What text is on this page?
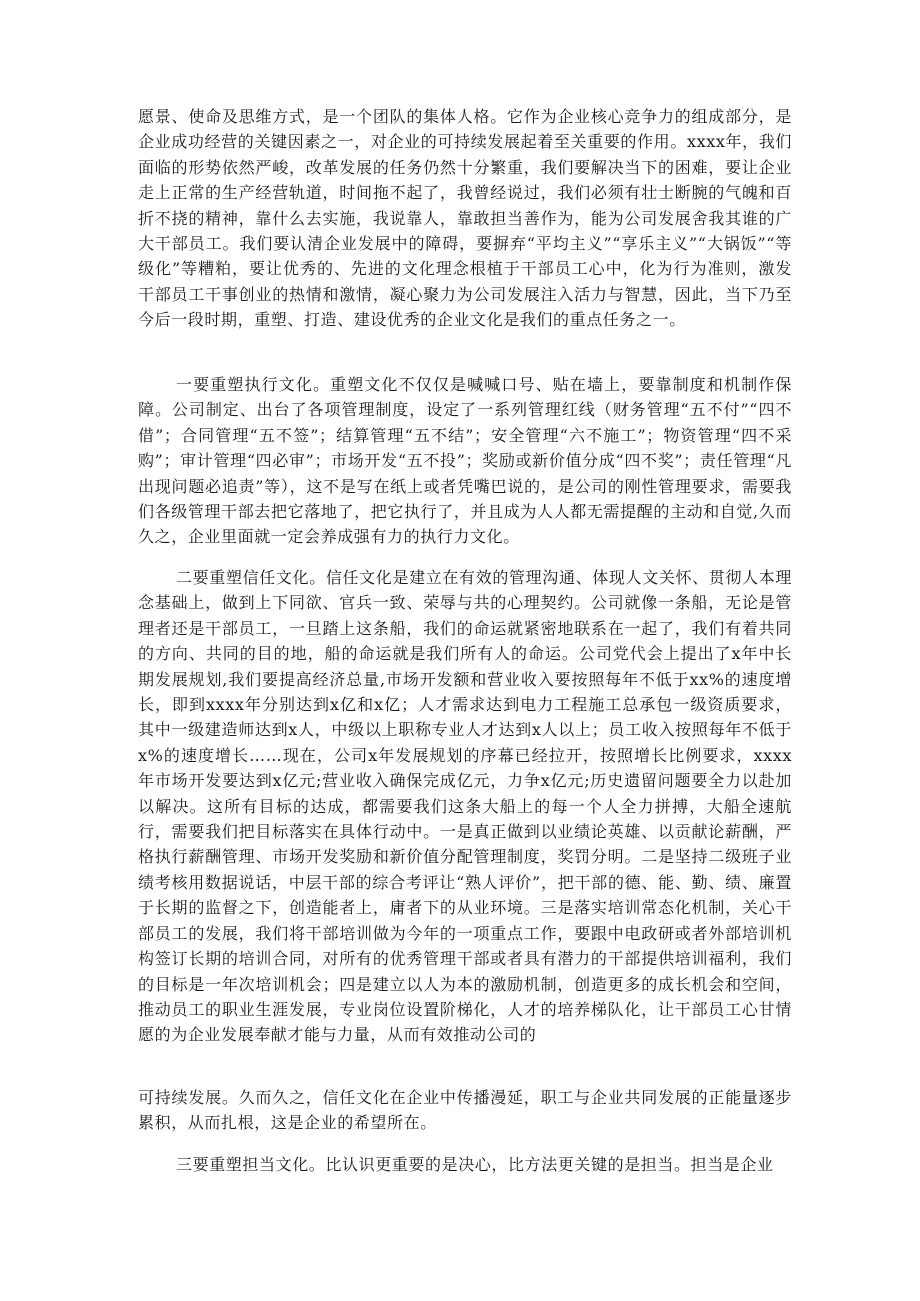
愿景、使命及思维方式，是一个团队的集体人格。它作为企业核心竞争力的组成部分，是企业成功经营的关键因素之一，对企业的可持续发展起着至关重要的作用。xxxx年，我们面临的形势依然严峻，改革发展的任务仍然十分繁重，我们要解决当下的困难，要让企业走上正常的生产经营轨道，时间拖不起了，我曾经说过，我们必须有壮士断腕的气魄和百折不挠的精神，靠什么去实施，我说靠人，靠敢担当善作为，能为公司发展舍我其谁的广大干部员工。我们要认清企业发展中的障碍，要摒弃“平均主义”“享乐主义”“大锅饭”“等级化”等糟粕，要让优秀的、先进的文化理念根植于干部员工心中，化为行为准则，激发干部员工干事创业的热情和激情，凝心聚力为公司发展注入活力与智慧，因此，当下乃至今后一段时期，重塑、打造、建设优秀的企业文化是我们的重点任务之一。

一要重塑执行文化。重塑文化不仅仅是喊喊口号、贴在墙上，要靠制度和机制作保障。公司制定、出台了各项管理制度，设定了一系列管理红线（财务管理“五不付”“四不借”；合同管理“五不签”；结算管理“五不结”；安全管理“六不施工”；物资管理“四不采购”；审计管理“四必审”；市场开发“五不投”；奖励或新价值分成“四不奖”；责任管理“凡出现问题必追责”等），这不是写在纸上或者凭嘴巴说的，是公司的刚性管理要求，需要我们各级管理干部去把它落地了，把它执行了，并且成为人人都无需提醒的主动和自觉,久而久之，企业里面就一定会养成强有力的执行力文化。

二要重塑信任文化。信任文化是建立在有效的管理沟通、体现人文关怀、贯彻人本理念基础上，做到上下同欲、官兵一致、荣辱与共的心理契约。公司就像一条船，无论是管理者还是干部员工，一旦踏上这条船，我们的命运就紧密地联系在一起了，我们有着共同的方向、共同的目的地，船的命运就是我们所有人的命运。公司党代会上提出了x年中长期发展规划,我们要提高经济总量,市场开发额和营业收入要按照每年不低于xx%的速度增长，即到xxxx年分别达到x亿和x亿；人才需求达到电力工程施工总承包一级资质要求，其中一级建造师达到x人，中级以上职称专业人才达到x人以上；员工收入按照每年不低于x%的速度增长……现在，公司x年发展规划的序幕已经拉开，按照增长比例要求，xxxx年市场开发要达到x亿元;营业收入确保完成亿元，力争x亿元;历史遗留问题要全力以赴加以解决。这所有目标的达成，都需要我们这条大船上的每一个人全力拼搏，大船全速航行，需要我们把目标落实在具体行动中。一是真正做到以业绩论英雄、以贡献论薪酬，严格执行薪酬管理、市场开发奖励和新价值分配管理制度，奖罚分明。二是坚持二级班子业绩考核用数据说话，中层干部的综合考评让“熟人评价”，把干部的德、能、勤、绩、廉置于长期的监督之下，创造能者上，庸者下的从业环境。三是落实培训常态化机制，关心干部员工的发展，我们将干部培训做为今年的一项重点工作，要跟中电政研或者外部培训机构签订长期的培训合同，对所有的优秀管理干部或者具有潜力的干部提供培训福利，我们的目标是一年次培训机会；四是建立以人为本的激励机制，创造更多的成长机会和空间，推动员工的职业生涯发展，专业岗位设置阶梯化，人才的培养梯队化，让干部员工心甘情愿的为企业发展奉献才能与力量，从而有效推动公司的

可持续发展。久而久之，信任文化在企业中传播漫延，职工与企业共同发展的正能量逐步累积，从而扎根，这是企业的希望所在。

三要重塑担当文化。比认识更重要的是决心，比方法更关键的是担当。担当是企业
